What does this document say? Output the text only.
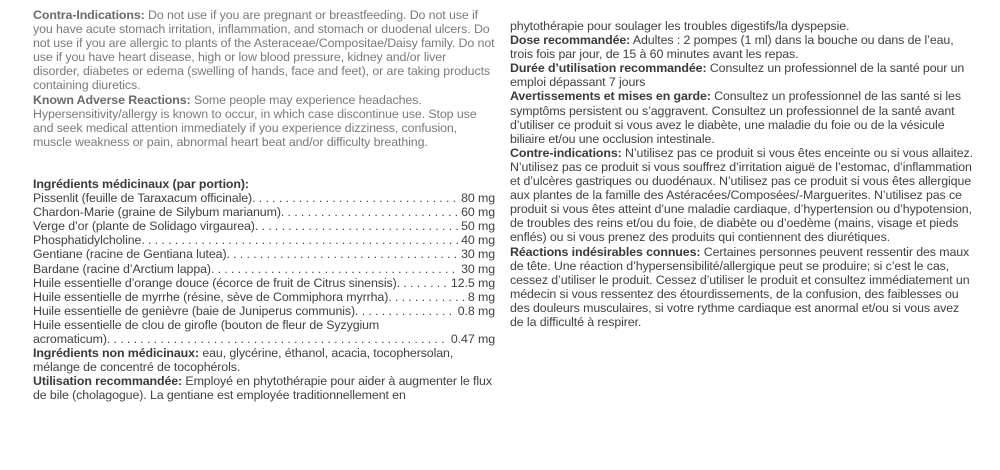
Contra-Indications: Do not use if you are pregnant or breastfeeding. Do not use if you have acute stomach irritation, inflammation, and stomach or duodenal ulcers. Do not use if you are allergic to plants of the Asteraceae/Compositae/Daisy family. Do not use if you have heart disease, high or low blood pressure, kidney and/or liver disorder, diabetes or edema (swelling of hands, face and feet), or are taking products containing diuretics.

Known Adverse Reactions: Some people may experience headaches. Hypersensitivity/allergy is known to occur, in which case discontinue use. Stop use and seek medical attention immediately if you experience dizziness, confusion, muscle weakness or pain, abnormal heart beat and/or difficulty breathing.

Ingrédients médicinaux (par portion):
Pissenlit (feuille de Taraxacum officinale) . . .	80 mg
Chardon-Marie (graine de Silybum marianum) . . .	60 mg
Verge d’or (plante de Solidago virgaurea) . . .	50 mg
Phosphatidylcholine . . .	40 mg
Gentiane (racine de Gentiana lutea) . . .	30 mg
Bardane (racine d’Arctium lappa) . . .	30 mg
Huile essentielle d’orange douce (écorce de fruit de Citrus sinensis) . . .	12.5 mg
Huile essentielle de myrrhe (résine, sève de Commiphora myrrha) . . .	8 mg
Huile essentielle de genièvre (baie de Juniperus communis) . . .	0.8 mg
Huile essentielle de clou de girofle (bouton de fleur de Syzygium
acromaticum) . . .	0.47 mg

Ingrédients non médicinaux: eau, glycérine, éthanol, acacia, tocophersolan, mélange de concentré de tocophérols.

Utilisation recommandée: Employé en phytothérapie pour aider à augmenter le flux de bile (cholagogue). La gentiane est employée traditionnellement en

phytothérapie pour soulager les troubles digestifs/la dyspepsie.

Dose recommandée: Adultes : 2 pompes (1 ml) dans la bouche ou dans de l’eau, trois fois par jour, de 15 à 60 minutes avant les repas.

Durée d’utilisation recommandée: Consultez un professionnel de la santé pour un emploi dépassant 7 jours

Avertissements et mises en garde: Consultez un professionnel de las santé si les symptôms persistent ou s’aggravent. Consultez un professionnel de la santé avant d’utiliser ce produit si vous avez le diabète, une maladie du foie ou de la vésicule biliaire et/ou une occlusion intestinale.

Contre-indications: N’utilisez pas ce produit si vous êtes enceinte ou si vous allaitez. N’utilisez pas ce produit si vous souffrez d’irritation aiguë de l’estomac, d’inflammation et d’ulcères gastriques ou duodénaux. N’utilisez pas ce produit si vous êtes allergique aux plantes de la famille des Astéracées/Composées/-Marguerites. N’utilisez pas ce produit si vous êtes atteint d’une maladie cardiaque, d’hypertension ou d’hypotension, de troubles des reins et/ou du foie, de diabète ou d’oedème (mains, visage et pieds enflés) ou si vous prenez des produits qui contiennent des diurétiques.

Réactions indésirables connues: Certaines personnes peuvent ressentir des maux de tête. Une réaction d’hypersensibilité/allergique peut se produire; si c’est le cas, cessez d’utiliser le produit. Cessez d’utiliser le produit et consultez immédiatement un médecin si vous ressentez des étourdissements, de la confusion, des faiblesses ou des douleurs musculaires, si votre rythme cardiaque est anormal et/ou si vous avez de la difficulté à respirer.
